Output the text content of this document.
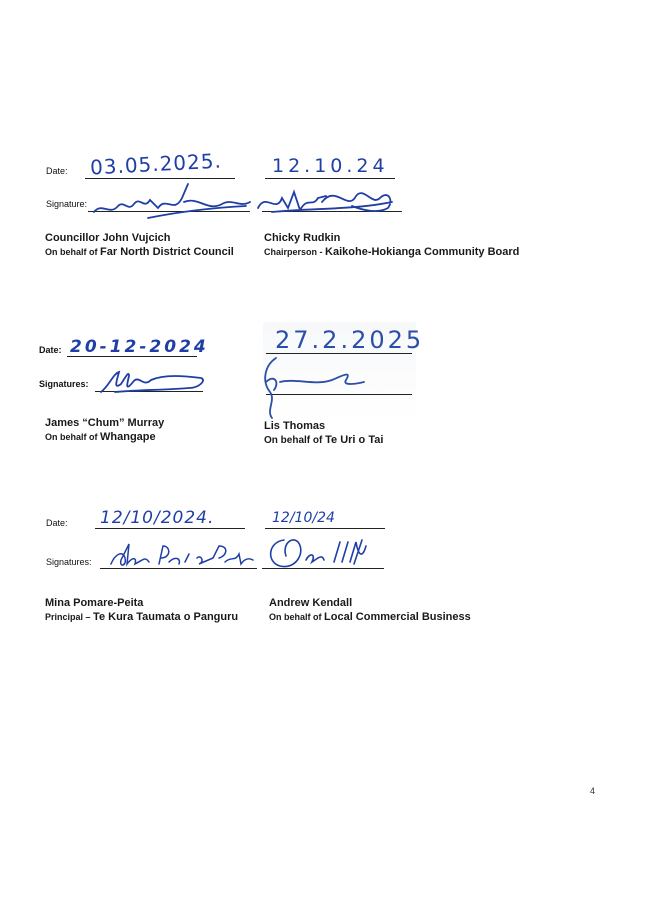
Date: 03.05.2025.	12.10.24
Signature:
Councillor John Vujcich
On behalf of Far North District Council
Chicky Rudkin
Chairperson - Kaikohe-Hokianga Community Board
Date: 20-12-2024	27.2.2025
Signatures:
James “Chum” Murray
On behalf of Whangape
Lis Thomas
On behalf of Te Uri o Tai
Date: 12/10/2024.	12/10/24
Signatures:
Mina Pomare-Peita
Principal – Te Kura Taumata o Panguru
Andrew Kendall
On behalf of Local Commercial Business
4
